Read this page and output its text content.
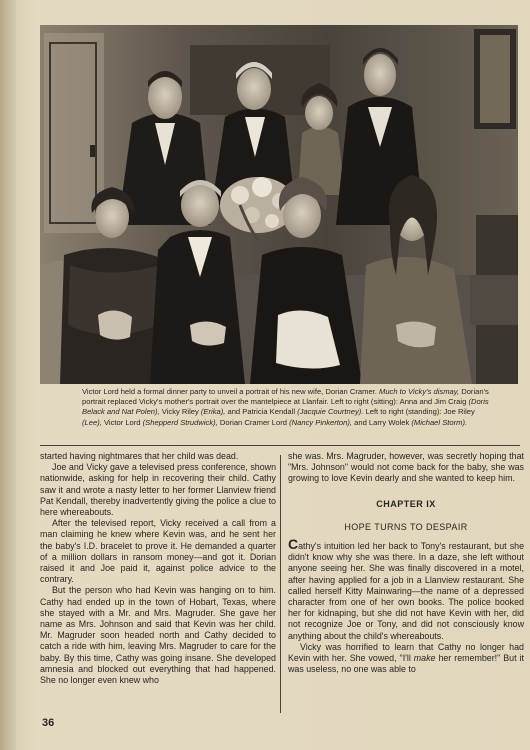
Victor Lord held a formal dinner party to unveil a portrait of his new wife, Dorian Cramer. Much to Vicky's dismay, Dorian's portrait replaced Vicky's mother's portrait over the mantelpiece at Llanfair. Left to right (sitting): Anna and Jim Craig (Doris Belack and Nat Polen), Vicky Riley (Erika), and Patricia Kendall (Jacquie Courtney). Left to right (standing): Joe Riley (Lee), Victor Lord (Shepperd Strudwick), Dorian Cramer Lord (Nancy Pinkerton), and Larry Wolek (Michael Storm).

started having nightmares that her child was dead.

Joe and Vicky gave a televised press conference, shown nationwide, asking for help in recovering their child. Cathy saw it and wrote a nasty letter to her former Llanview friend Pat Kendall, thereby inadvertently giving the police a clue to here whereabouts.

After the televised report, Vicky received a call from a man claiming he knew where Kevin was, and he sent her the baby's I.D. bracelet to prove it. He demanded a quarter of a million dollars in ransom money—and got it. Dorian raised it and Joe paid it, against police advice to the contrary.

But the person who had Kevin was hanging on to him. Cathy had ended up in the town of Hobart, Texas, where she stayed with a Mr. and Mrs. Magruder. She gave her name as Mrs. Johnson and said that Kevin was her child. Mr. Magruder soon headed north and Cathy decided to catch a ride with him, leaving Mrs. Magruder to care for the baby. By this time, Cathy was going insane. She developed amnesia and blocked out everything that had happened. She no longer even knew who

she was. Mrs. Magruder, however, was secretly hoping that "Mrs. Johnson" would not come back for the baby, she was growing to love Kevin dearly and she wanted to keep him.

CHAPTER IX
HOPE TURNS TO DESPAIR

Cathy's intuition led her back to Tony's restaurant, but she didn't know why she was there. In a daze, she left without anyone seeing her. She was finally discovered in a motel, after having applied for a job in a Llanview restaurant. She called herself Kitty Mainwaring—the name of a depressed character from one of her own books. The police booked her for kidnaping, but she did not have Kevin with her, did not recognize Joe or Tony, and did not consciously know anything about the child's whereabouts.

Vicky was horrified to learn that Cathy no longer had Kevin with her. She vowed, "I'll make her remember!" But it was useless, no one was able to

36
